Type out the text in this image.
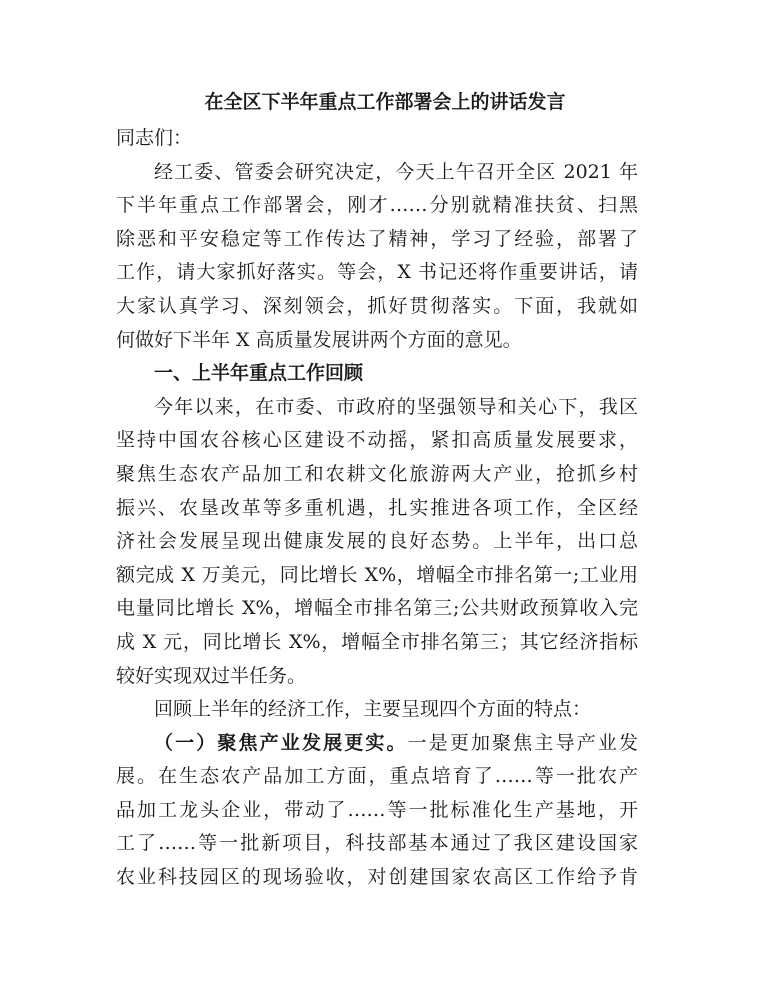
在全区下半年重点工作部署会上的讲话发言
同志们：
经工委、管委会研究决定，今天上午召开全区 2021 年
下半年重点工作部署会，刚才……分别就精准扶贫、扫黑
除恶和平安稳定等工作传达了精神，学习了经验，部署了
工作，请大家抓好落实。等会，X 书记还将作重要讲话，请
大家认真学习、深刻领会，抓好贯彻落实。下面，我就如
何做好下半年 X 高质量发展讲两个方面的意见。
一、上半年重点工作回顾
今年以来，在市委、市政府的坚强领导和关心下，我区
坚持中国农谷核心区建设不动摇，紧扣高质量发展要求，
聚焦生态农产品加工和农耕文化旅游两大产业，抢抓乡村
振兴、农垦改革等多重机遇，扎实推进各项工作，全区经
济社会发展呈现出健康发展的良好态势。上半年，出口总
额完成 X 万美元，同比增长 X%，增幅全市排名第一;工业用
电量同比增长 X%，增幅全市排名第三;公共财政预算收入完
成 X 元，同比增长 X%，增幅全市排名第三；其它经济指标
较好实现双过半任务。
回顾上半年的经济工作，主要呈现四个方面的特点：
（一）聚焦产业发展更实。一是更加聚焦主导产业发
展。在生态农产品加工方面，重点培育了……等一批农产
品加工龙头企业，带动了……等一批标准化生产基地，开
工了……等一批新项目，科技部基本通过了我区建设国家
农业科技园区的现场验收，对创建国家农高区工作给予肯
